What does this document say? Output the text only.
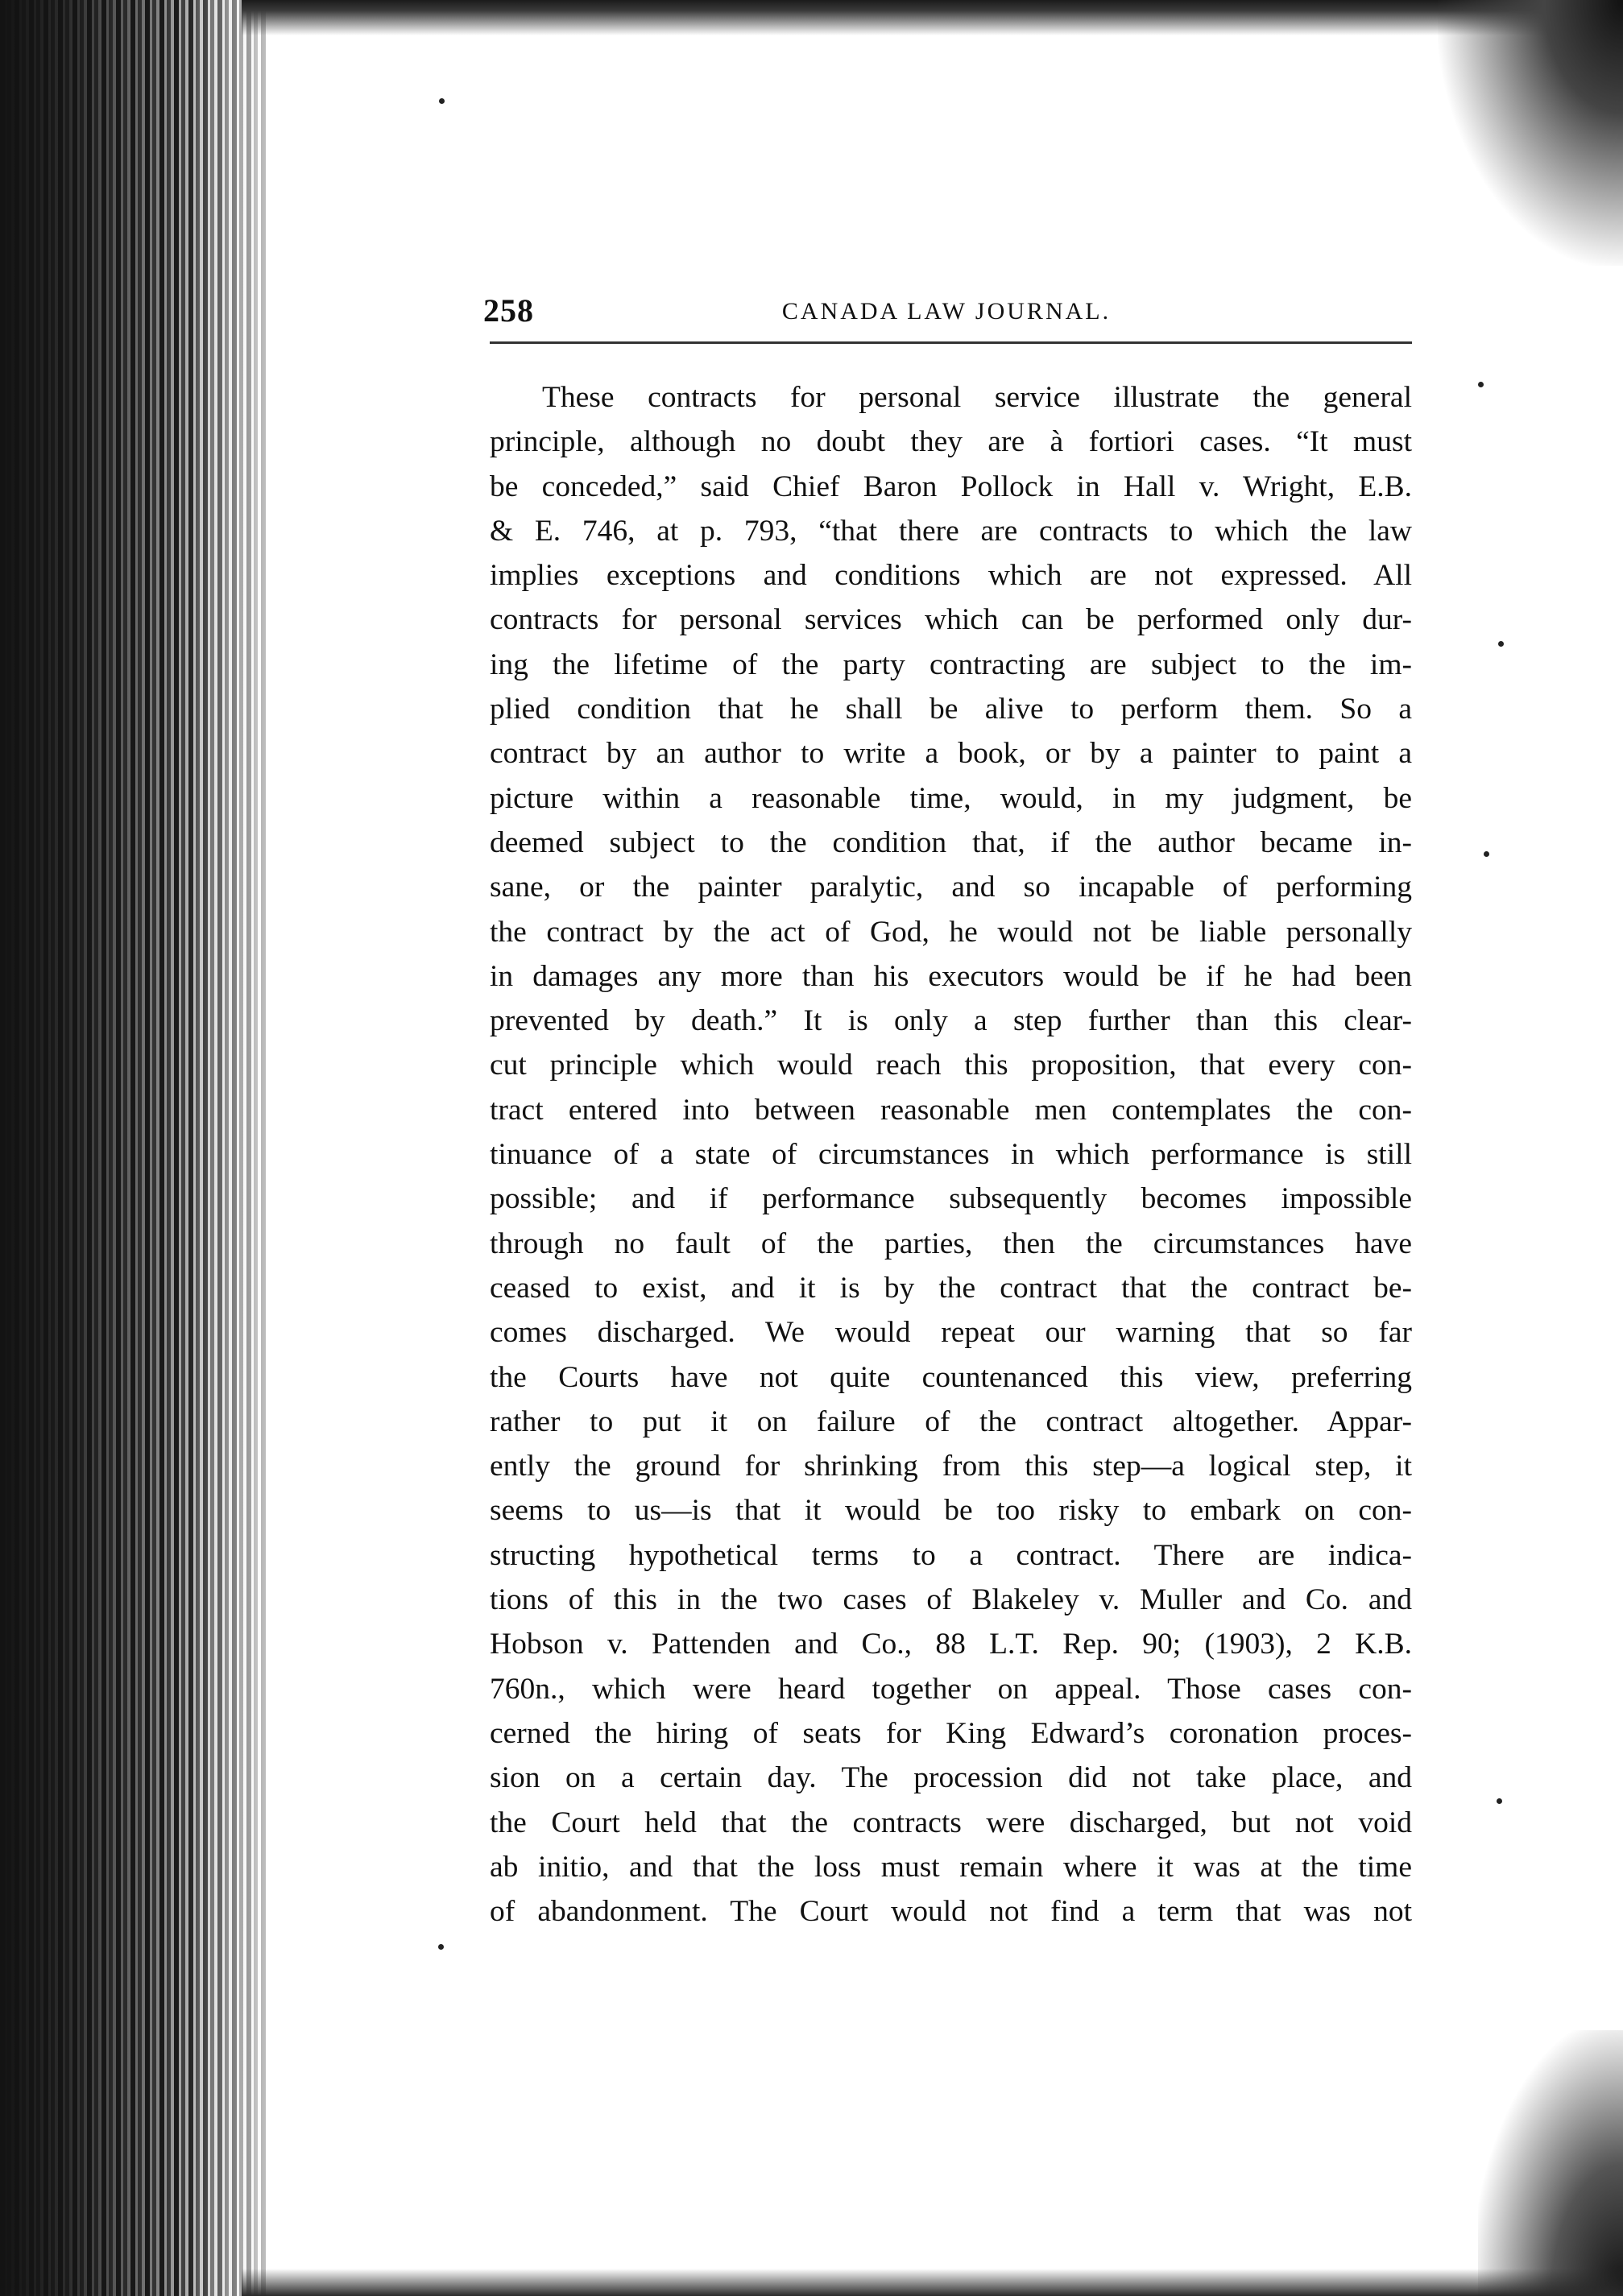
258	CANADA LAW JOURNAL.
These contracts for personal service illustrate the general
principle, although no doubt they are à fortiori cases. “It must
be conceded,” said Chief Baron Pollock in Hall v. Wright, E.B.
& E. 746, at p. 793, “that there are contracts to which the law
implies exceptions and conditions which are not expressed. All
contracts for personal services which can be performed only dur-
ing the lifetime of the party contracting are subject to the im-
plied condition that he shall be alive to perform them. So a
contract by an author to write a book, or by a painter to paint a
picture within a reasonable time, would, in my judgment, be
deemed subject to the condition that, if the author became in-
sane, or the painter paralytic, and so incapable of performing
the contract by the act of God, he would not be liable personally
in damages any more than his executors would be if he had been
prevented by death.” It is only a step further than this clear-
cut principle which would reach this proposition, that every con-
tract entered into between reasonable men contemplates the con-
tinuance of a state of circumstances in which performance is still
possible; and if performance subsequently becomes impossible
through no fault of the parties, then the circumstances have
ceased to exist, and it is by the contract that the contract be-
comes discharged. We would repeat our warning that so far
the Courts have not quite countenanced this view, preferring
rather to put it on failure of the contract altogether. Appar-
ently the ground for shrinking from this step—a logical step, it
seems to us—is that it would be too risky to embark on con-
structing hypothetical terms to a contract. There are indica-
tions of this in the two cases of Blakeley v. Muller and Co. and
Hobson v. Pattenden and Co., 88 L.T. Rep. 90; (1903), 2 K.B.
760n., which were heard together on appeal. Those cases con-
cerned the hiring of seats for King Edward’s coronation proces-
sion on a certain day. The procession did not take place, and
the Court held that the contracts were discharged, but not void
ab initio, and that the loss must remain where it was at the time
of abandonment. The Court would not find a term that was not
